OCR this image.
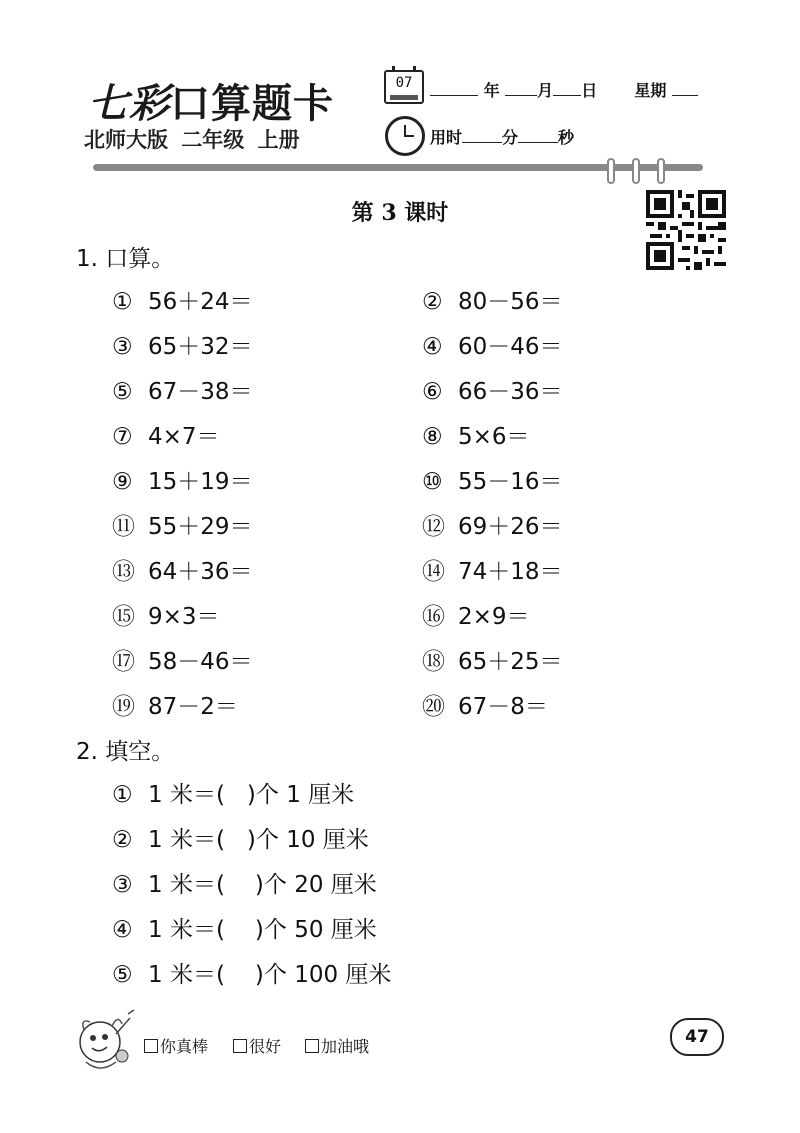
七彩口算题卡
北师大版 二年级 上册
07	年 月 日 星期
用时	分	秒
第 3 课时
1. 口算。
① 56＋24＝	② 80－56＝
③ 65＋32＝	④ 60－46＝
⑤ 67－38＝	⑥ 66－36＝
⑦ 4×7＝	⑧ 5×6＝
⑨ 15＋19＝	⑩ 55－16＝
⑪ 55＋29＝	⑫ 69＋26＝
⑬ 64＋36＝	⑭ 74＋18＝
⑮ 9×3＝	⑯ 2×9＝
⑰ 58－46＝	⑱ 65＋25＝
⑲ 87－2＝	⑳ 67－8＝
2. 填空。
① 1 米＝( )个 1 厘米
② 1 米＝( )个 10 厘米
③ 1 米＝( )个 20 厘米
④ 1 米＝( )个 50 厘米
⑤ 1 米＝( )个 100 厘米
你真棒	很好	加油哦	47
